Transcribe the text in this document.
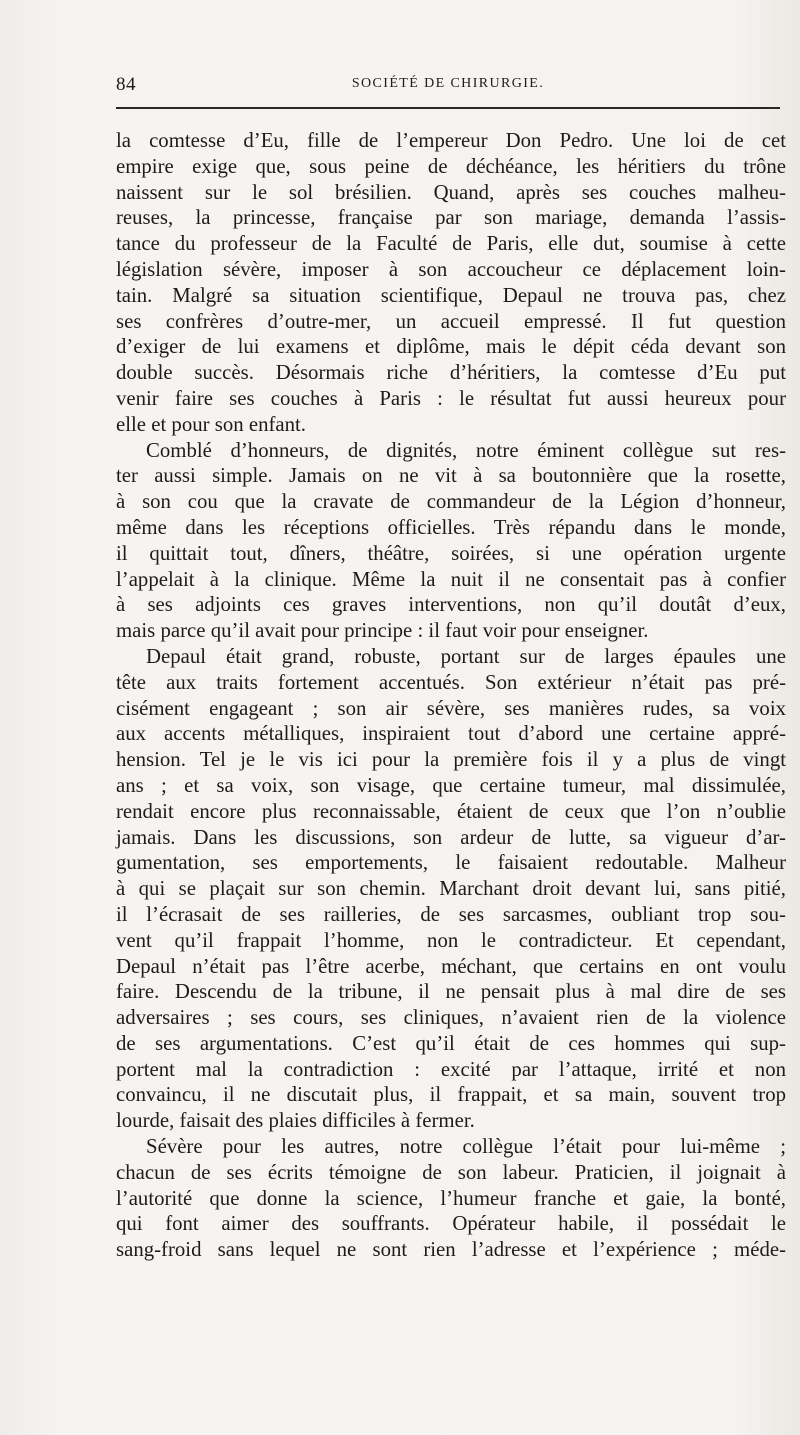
84	SOCIÉTÉ DE CHIRURGIE.
la comtesse d’Eu, fille de l’empereur Don Pedro. Une loi de cet
empire exige que, sous peine de déchéance, les héritiers du trône
naissent sur le sol brésilien. Quand, après ses couches malheu-
reuses, la princesse, française par son mariage, demanda l’assis-
tance du professeur de la Faculté de Paris, elle dut, soumise à cette
législation sévère, imposer à son accoucheur ce déplacement loin-
tain. Malgré sa situation scientifique, Depaul ne trouva pas, chez
ses confrères d’outre-mer, un accueil empressé. Il fut question
d’exiger de lui examens et diplôme, mais le dépit céda devant son
double succès. Désormais riche d’héritiers, la comtesse d’Eu put
venir faire ses couches à Paris : le résultat fut aussi heureux pour
elle et pour son enfant.
Comblé d’honneurs, de dignités, notre éminent collègue sut res-
ter aussi simple. Jamais on ne vit à sa boutonnière que la rosette,
à son cou que la cravate de commandeur de la Légion d’honneur,
même dans les réceptions officielles. Très répandu dans le monde,
il quittait tout, dîners, théâtre, soirées, si une opération urgente
l’appelait à la clinique. Même la nuit il ne consentait pas à confier
à ses adjoints ces graves interventions, non qu’il doutât d’eux,
mais parce qu’il avait pour principe : il faut voir pour enseigner.
Depaul était grand, robuste, portant sur de larges épaules une
tête aux traits fortement accentués. Son extérieur n’était pas pré-
cisément engageant ; son air sévère, ses manières rudes, sa voix
aux accents métalliques, inspiraient tout d’abord une certaine appré-
hension. Tel je le vis ici pour la première fois il y a plus de vingt
ans ; et sa voix, son visage, que certaine tumeur, mal dissimulée,
rendait encore plus reconnaissable, étaient de ceux que l’on n’oublie
jamais. Dans les discussions, son ardeur de lutte, sa vigueur d’ar-
gumentation, ses emportements, le faisaient redoutable. Malheur
à qui se plaçait sur son chemin. Marchant droit devant lui, sans pitié,
il l’écrasait de ses railleries, de ses sarcasmes, oubliant trop sou-
vent qu’il frappait l’homme, non le contradicteur. Et cependant,
Depaul n’était pas l’être acerbe, méchant, que certains en ont voulu
faire. Descendu de la tribune, il ne pensait plus à mal dire de ses
adversaires ; ses cours, ses cliniques, n’avaient rien de la violence
de ses argumentations. C’est qu’il était de ces hommes qui sup-
portent mal la contradiction : excité par l’attaque, irrité et non
convaincu, il ne discutait plus, il frappait, et sa main, souvent trop
lourde, faisait des plaies difficiles à fermer.
Sévère pour les autres, notre collègue l’était pour lui-même ;
chacun de ses écrits témoigne de son labeur. Praticien, il joignait à
l’autorité que donne la science, l’humeur franche et gaie, la bonté,
qui font aimer des souffrants. Opérateur habile, il possédait le
sang-froid sans lequel ne sont rien l’adresse et l’expérience ; méde-
